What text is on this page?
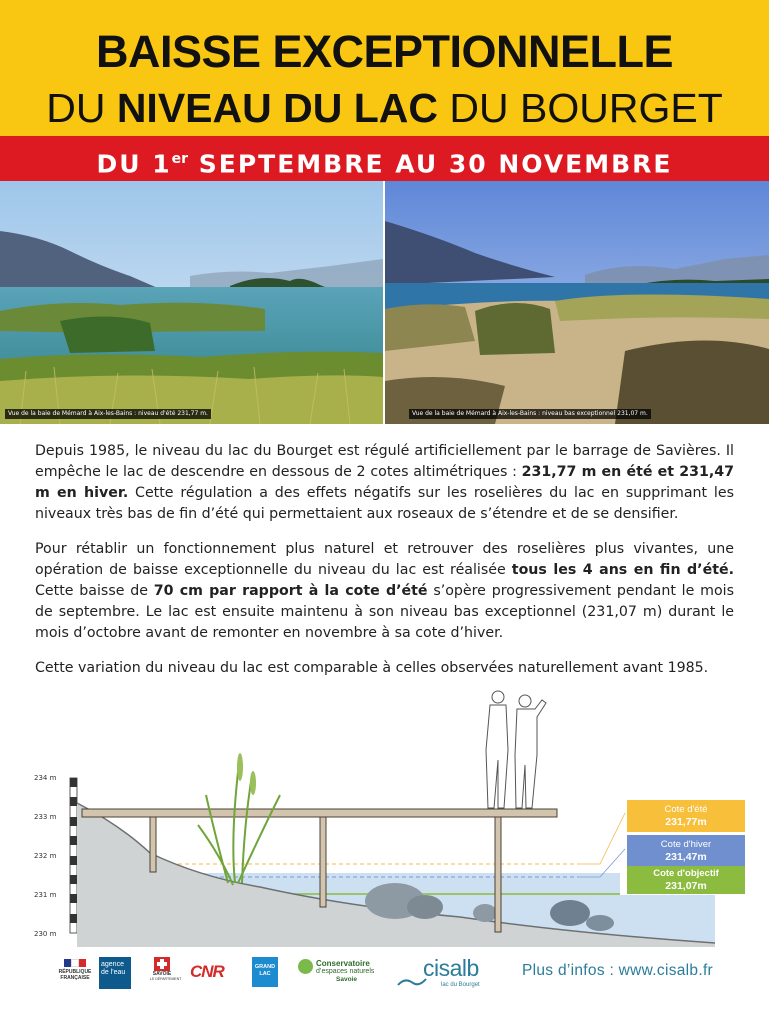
BAISSE EXCEPTIONNELLE
DU NIVEAU DU LAC DU BOURGET
DU 1er SEPTEMBRE AU 30 NOVEMBRE
Vue de la baie de Mémard à Aix-les-Bains : niveau d'été 231,77 m.	Vue de la baie de Mémard à Aix-les-Bains : niveau bas exceptionnel 231,07 m.

Depuis 1985, le niveau du lac du Bourget est régulé artificiellement par le barrage de Savières. Il empêche le lac de descendre en dessous de 2 cotes altimétriques : 231,77 m en été et 231,47 m en hiver. Cette régulation a des effets négatifs sur les roselières du lac en supprimant les niveaux très bas de fin d’été qui permettaient aux roseaux de s’étendre et de se densifier.

Pour rétablir un fonctionnement plus naturel et retrouver des roselières plus vivantes, une opération de baisse exceptionnelle du niveau du lac est réalisée tous les 4 ans en fin d’été. Cette baisse de 70 cm par rapport à la cote d’été s’opère progressivement pendant le mois de septembre. Le lac est ensuite maintenu à son niveau bas exceptionnel (231,07 m) durant le mois d’octobre avant de remonter en novembre à sa cote d’hiver.

Cette variation du niveau du lac est comparable à celles observées naturellement avant 1985.

234 m
233 m
232 m
231 m
230 m
Cote d'été
231,77m
Cote d'hiver
231,47m
Cote d'objectif
231,07m
RÉPUBLIQUE FRANÇAISE
agence de l'eau	SAVOIE
LE DÉPARTEMENT CNR	GRAND LAC
Conservatoire
d’espaces naturels
Savoie	cisalb
lac du Bourget
Plus d’infos : www.cisalb.fr
